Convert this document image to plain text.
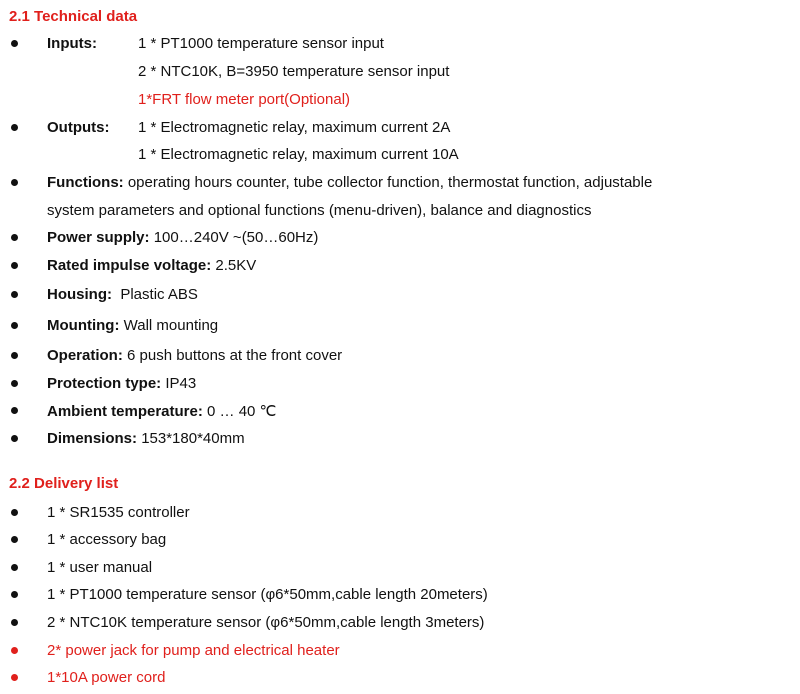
2.1 Technical data
Inputs:	1 * PT1000 temperature sensor input
2 * NTC10K, B=3950 temperature sensor input
1*FRT flow meter port(Optional)
Outputs: 1 * Electromagnetic relay, maximum current 2A
1 * Electromagnetic relay, maximum current 10A
Functions: operating hours counter, tube collector function, thermostat function, adjustable
system parameters and optional functions (menu-driven), balance and diagnostics
Power supply: 100…240V ~(50…60Hz)
Rated impulse voltage: 2.5KV
Housing: Plastic ABS
Mounting: Wall mounting
Operation: 6 push buttons at the front cover
Protection type: IP43
Ambient temperature: 0 … 40 ℃
Dimensions: 153*180*40mm
2.2 Delivery list
1 * SR1535 controller
1 * accessory bag
1 * user manual
1 * PT1000 temperature sensor (φ6*50mm,cable length 20meters)
2 * NTC10K temperature sensor (φ6*50mm,cable length 3meters)
2* power jack for pump and electrical heater
1*10A power cord
